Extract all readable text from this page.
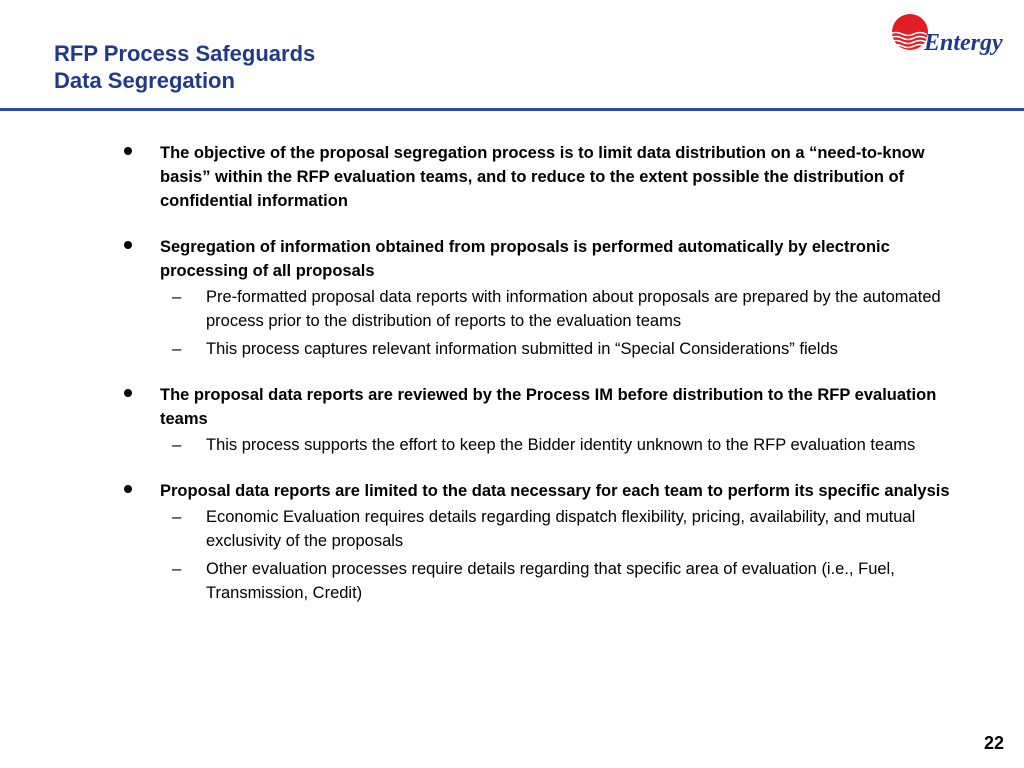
RFP Process Safeguards
Data Segregation
Entergy
The objective of the proposal segregation process is to limit data distribution on a “need-to-know basis” within the RFP evaluation teams, and to reduce to the extent possible the distribution of confidential information
Segregation of information obtained from proposals is performed automatically by electronic processing of all proposals
– Pre-formatted proposal data reports with information about proposals are prepared by the automated process prior to the distribution of reports to the evaluation teams
– This process captures relevant information submitted in “Special Considerations” fields
The proposal data reports are reviewed by the Process IM before distribution to the RFP evaluation teams
– This process supports the effort to keep the Bidder identity unknown to the RFP evaluation teams
Proposal data reports are limited to the data necessary for each team to perform its specific analysis
– Economic Evaluation requires details regarding dispatch flexibility, pricing, availability, and mutual exclusivity of the proposals
– Other evaluation processes require details regarding that specific area of evaluation (i.e., Fuel, Transmission, Credit)
22
